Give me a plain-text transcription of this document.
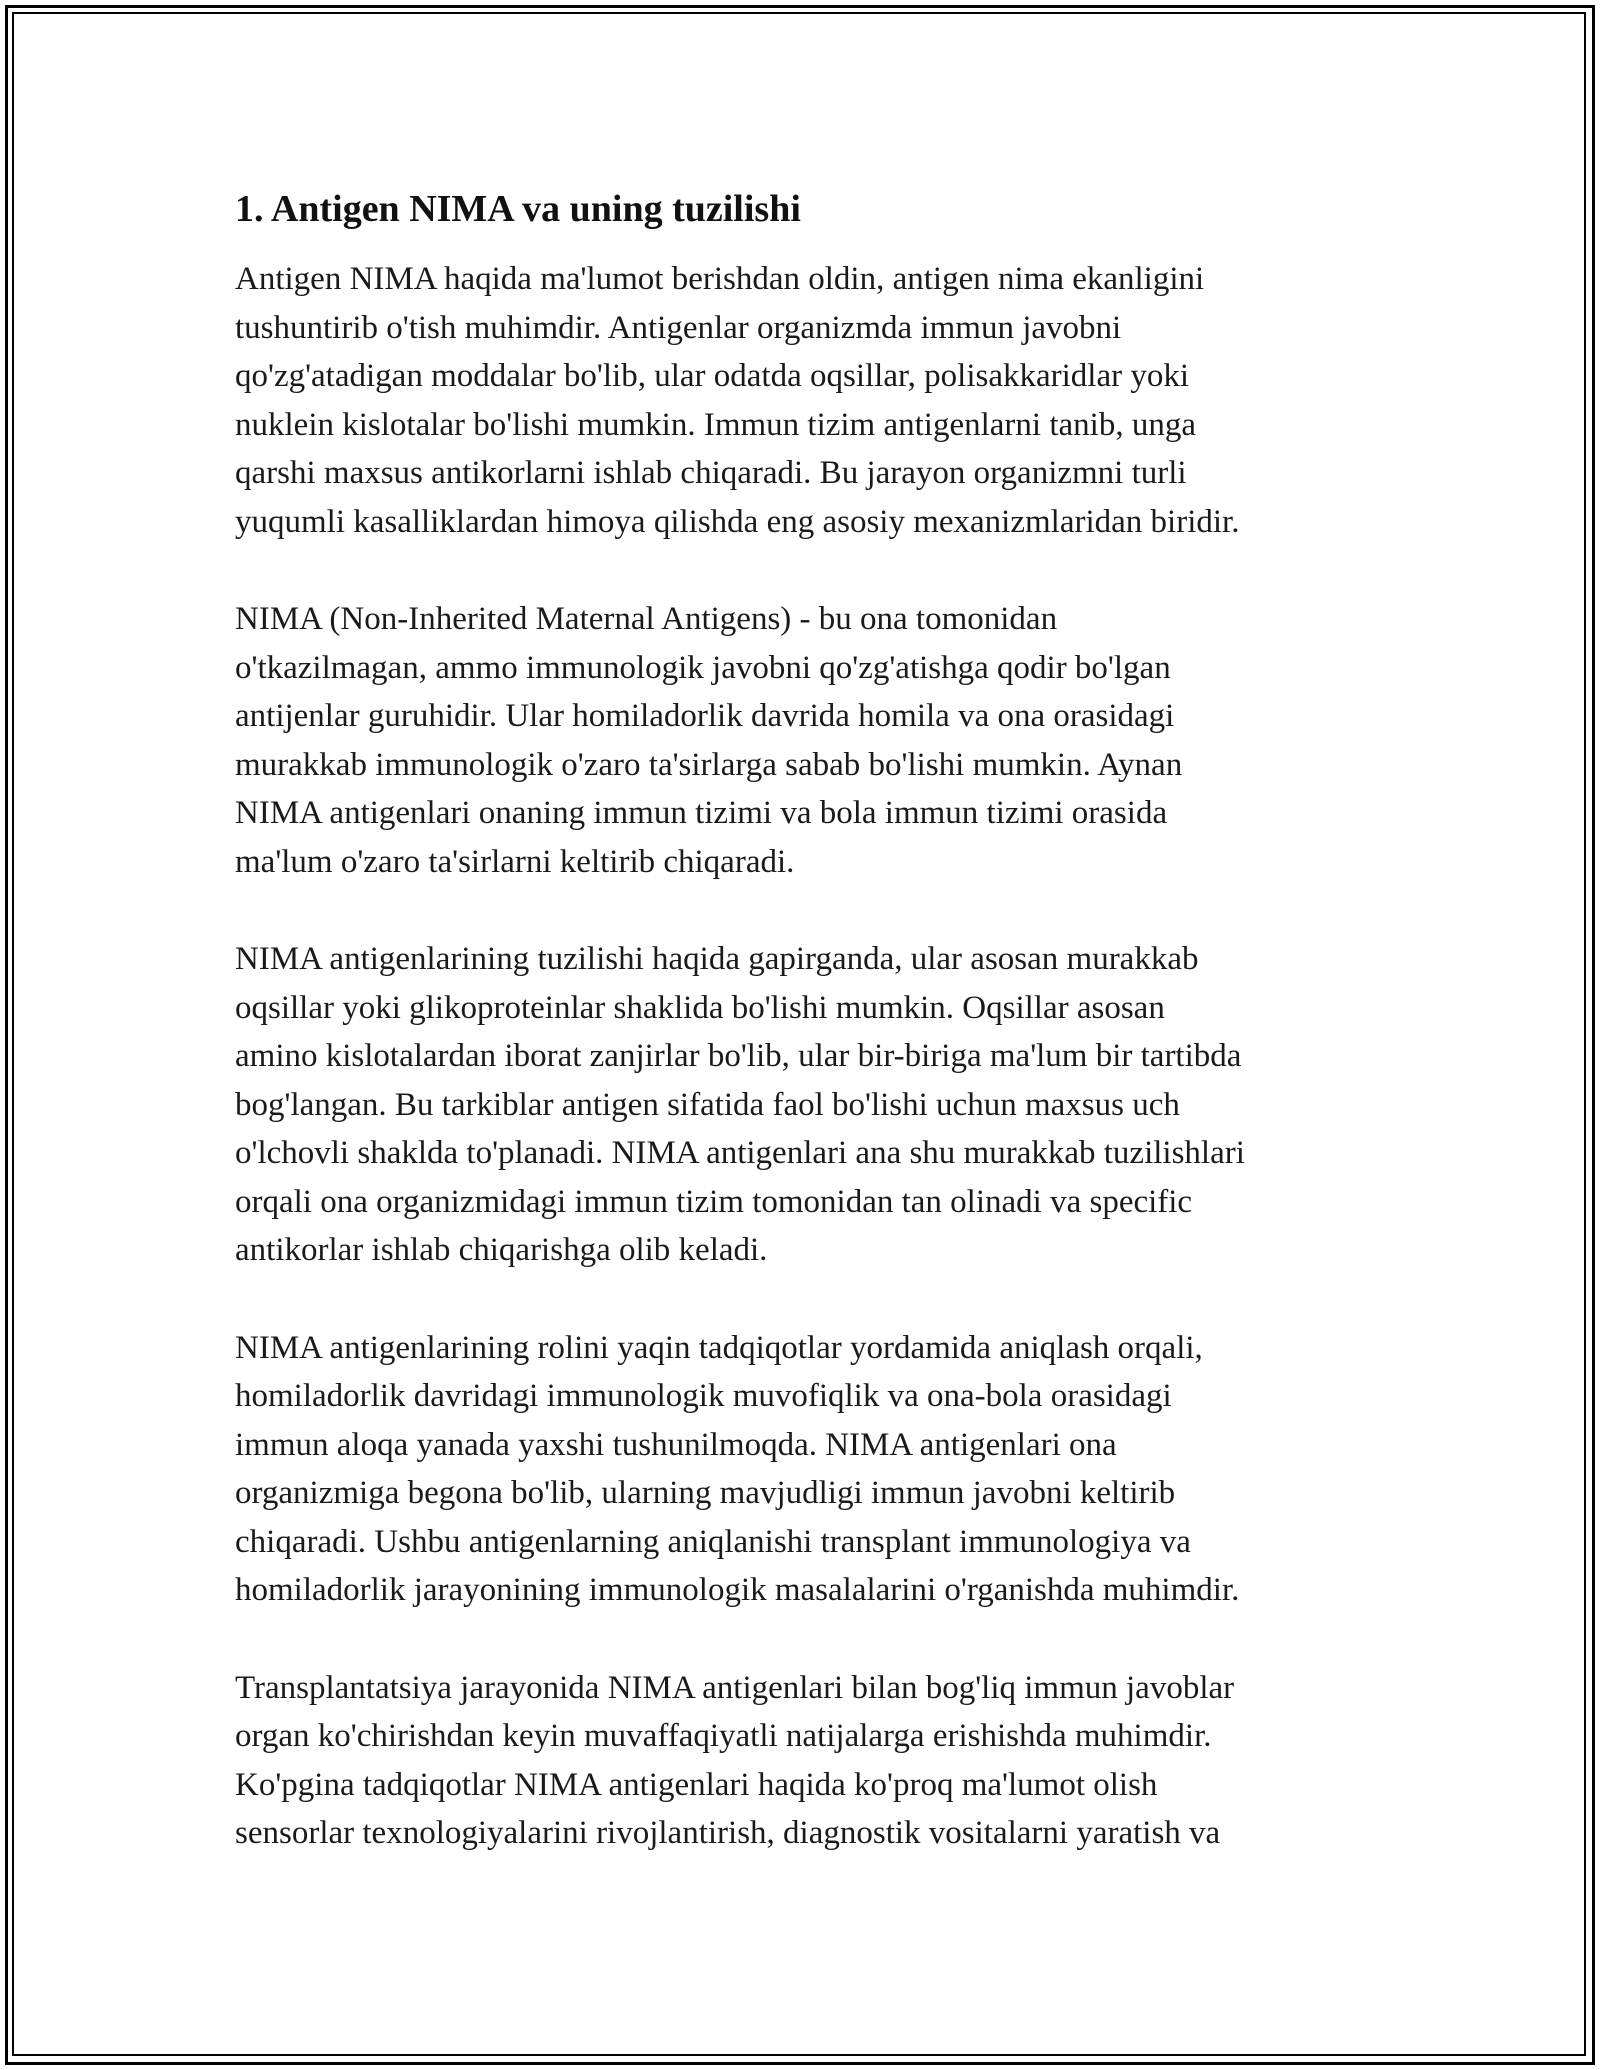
1. Antigen NIMA va uning tuzilishi

Antigen NIMA haqida ma'lumot berishdan oldin, antigen nima ekanligini
tushuntirib o'tish muhimdir. Antigenlar organizmda immun javobni
qo'zg'atadigan moddalar bo'lib, ular odatda oqsillar, polisakkaridlar yoki
nuklein kislotalar bo'lishi mumkin. Immun tizim antigenlarni tanib, unga
qarshi maxsus antikorlarni ishlab chiqaradi. Bu jarayon organizmni turli
yuqumli kasalliklardan himoya qilishda eng asosiy mexanizmlaridan biridir.

NIMA (Non-Inherited Maternal Antigens) - bu ona tomonidan
o'tkazilmagan, ammo immunologik javobni qo'zg'atishga qodir bo'lgan
antijenlar guruhidir. Ular homiladorlik davrida homila va ona orasidagi
murakkab immunologik o'zaro ta'sirlarga sabab bo'lishi mumkin. Aynan
NIMA antigenlari onaning immun tizimi va bola immun tizimi orasida
ma'lum o'zaro ta'sirlarni keltirib chiqaradi.

NIMA antigenlarining tuzilishi haqida gapirganda, ular asosan murakkab
oqsillar yoki glikoproteinlar shaklida bo'lishi mumkin. Oqsillar asosan
amino kislotalardan iborat zanjirlar bo'lib, ular bir-biriga ma'lum bir tartibda
bog'langan. Bu tarkiblar antigen sifatida faol bo'lishi uchun maxsus uch
o'lchovli shaklda to'planadi. NIMA antigenlari ana shu murakkab tuzilishlari
orqali ona organizmidagi immun tizim tomonidan tan olinadi va specific
antikorlar ishlab chiqarishga olib keladi.

NIMA antigenlarining rolini yaqin tadqiqotlar yordamida aniqlash orqali,
homiladorlik davridagi immunologik muvofiqlik va ona-bola orasidagi
immun aloqa yanada yaxshi tushunilmoqda. NIMA antigenlari ona
organizmiga begona bo'lib, ularning mavjudligi immun javobni keltirib
chiqaradi. Ushbu antigenlarning aniqlanishi transplant immunologiya va
homiladorlik jarayonining immunologik masalalarini o'rganishda muhimdir.

Transplantatsiya jarayonida NIMA antigenlari bilan bog'liq immun javoblar
organ ko'chirishdan keyin muvaffaqiyatli natijalarga erishishda muhimdir.
Ko'pgina tadqiqotlar NIMA antigenlari haqida ko'proq ma'lumot olish
sensorlar texnologiyalarini rivojlantirish, diagnostik vositalarni yaratish va
